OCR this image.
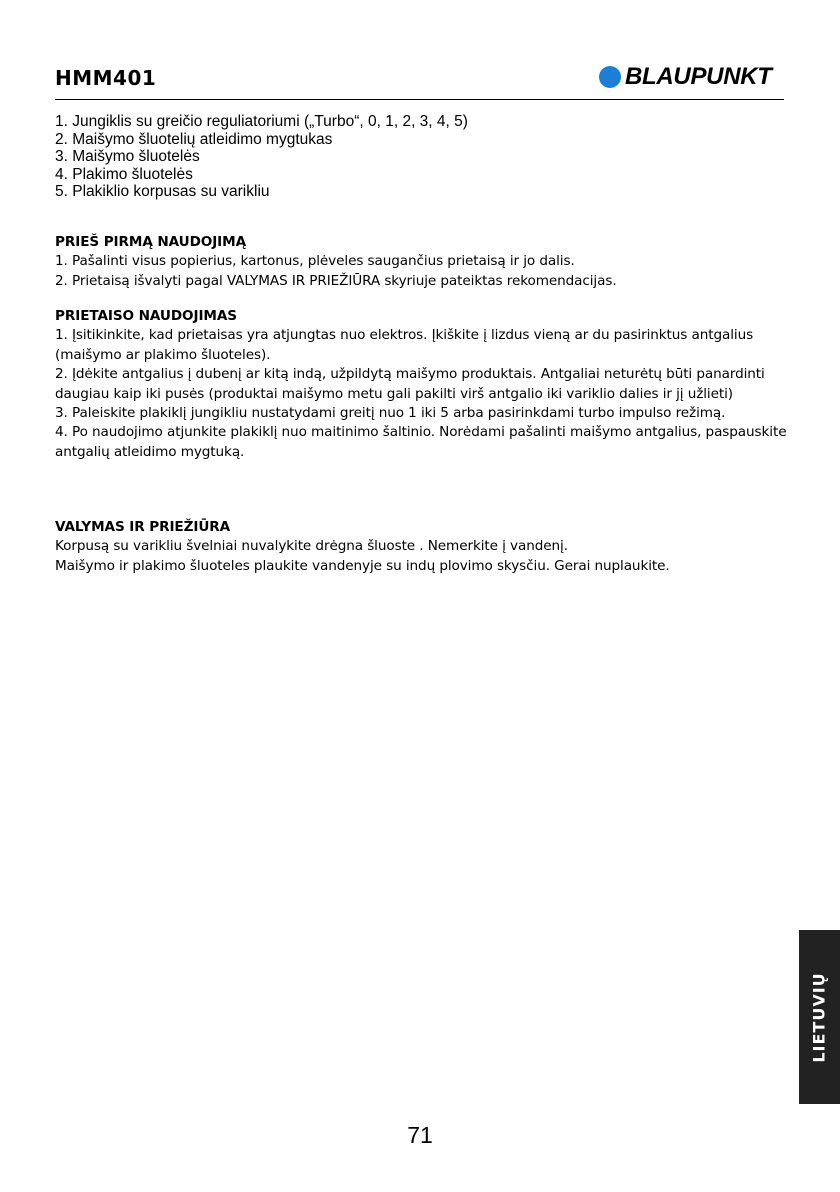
HMM401	BLAUPUNKT
1. Jungiklis su greičio reguliatoriumi („Turbo“, 0, 1, 2, 3, 4, 5)
2. Maišymo šluotelių atleidimo mygtukas
3. Maišymo šluotelės
4. Plakimo šluotelės
5. Plakiklio korpusas su varikliu
PRIEŠ PIRMĄ NAUDOJIMĄ

1. Pašalinti visus popierius, kartonus, plėveles saugančius prietaisą ir jo dalis.

2. Prietaisą išvalyti pagal VALYMAS IR PRIEŽIŪRA skyriuje pateiktas rekomendacijas.

PRIETAISO NAUDOJIMAS

1. Įsitikinkite, kad prietaisas yra atjungtas nuo elektros. Įkiškite į lizdus vieną ar du pasirinktus antgalius (maišymo ar plakimo šluoteles).

2. Įdėkite antgalius į dubenį ar kitą indą, užpildytą maišymo produktais. Antgaliai neturėtų būti panardinti daugiau kaip iki pusės (produktai maišymo metu gali pakilti virš antgalio iki variklio dalies ir jį užlieti)

3. Paleiskite plakiklį jungikliu nustatydami greitį nuo 1 iki 5 arba pasirinkdami turbo impulso režimą.

4. Po naudojimo atjunkite plakiklį nuo maitinimo šaltinio. Norėdami pašalinti maišymo antgalius, paspauskite antgalių atleidimo mygtuką.

VALYMAS IR PRIEŽIŪRA

Korpusą su varikliu švelniai nuvalykite drėgna šluoste . Nemerkite į vandenį.

Maišymo ir plakimo šluoteles plaukite vandenyje su indų plovimo skysčiu. Gerai nuplaukite.

LIETUVIŲ
71
